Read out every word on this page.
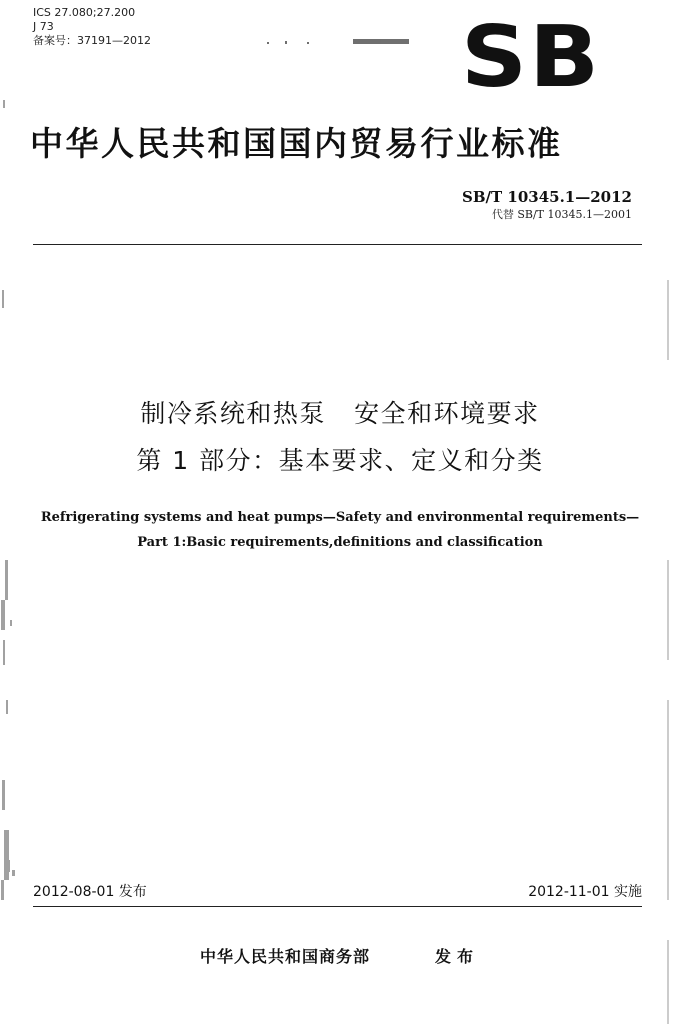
ICS 27.080;27.200
J 73
备案号：37191—2012	SB
中华人民共和国国内贸易行业标准
SB/T 10345.1—2012
代替 SB/T 10345.1—2001
制冷系统和热泵   安全和环境要求
第 1 部分：基本要求、定义和分类
Refrigerating systems and heat pumps—Safety and environmental requirements—
Part 1:Basic requirements,definitions and classification
2012-08-01 发布	2012-11-01 实施
中华人民共和国商务部	发布
